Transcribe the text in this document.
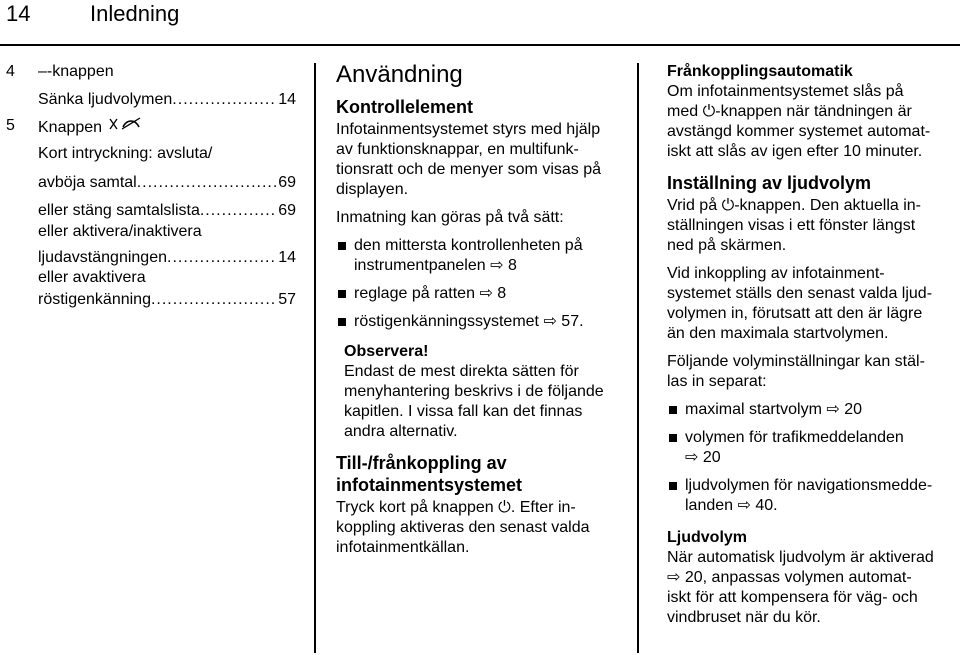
14	Inledning
4 –-knappen
Sänka ljudvolymen .....	14
5 Knappen
Kort intryckning: avsluta/
avböja samtal .....	69
eller stäng samtalslista .....	69
eller aktivera/inaktivera
ljudavstängningen .....	14
eller avaktivera
röstigenkänning .....	57
Användning
Kontrollelement
Infotainmentsystemet styrs med hjälp
av funktionsknappar, en multifunk-
tionsratt och de menyer som visas på
displayen.
Inmatning kan göras på två sätt:
den mittersta kontrollenheten på
instrumentpanelen ⇨ 8
reglage på ratten ⇨ 8
röstigenkänningssystemet ⇨ 57.
Observera!
Endast de mest direkta sätten för
menyhantering beskrivs i de följande
kapitlen. I vissa fall kan det finnas
andra alternativ.
Till-/frånkoppling av
infotainmentsystemet
Tryck kort på knappen ⏻. Efter in-
koppling aktiveras den senast valda
infotainmentkällan.
Frånkopplingsautomatik
Om infotainmentsystemet slås på
med ⏻-knappen när tändningen är
avstängd kommer systemet automat-
iskt att slås av igen efter 10 minuter.
Inställning av ljudvolym
Vrid på ⏻-knappen. Den aktuella in-
ställningen visas i ett fönster längst
ned på skärmen.
Vid inkoppling av infotainment-
systemet ställs den senast valda ljud-
volymen in, förutsatt att den är lägre
än den maximala startvolymen.
Följande volyminställningar kan stäl-
las in separat:
maximal startvolym ⇨ 20
volymen för trafikmeddelanden
⇨ 20
ljudvolymen för navigationsmedde-
landen ⇨ 40.
Ljudvolym
När automatisk ljudvolym är aktiverad
⇨ 20, anpassas volymen automat-
iskt för att kompensera för väg- och
vindbruset när du kör.
